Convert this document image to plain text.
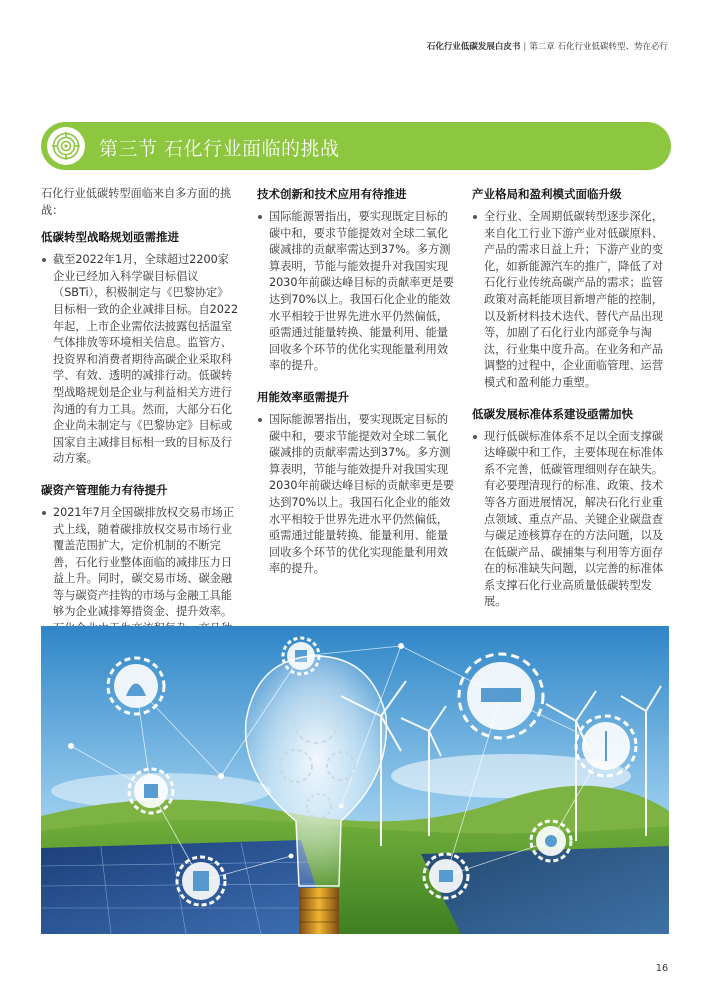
石化行业低碳发展白皮书 | 第二章 石化行业低碳转型、势在必行
第三节 石化行业面临的挑战

石化行业低碳转型面临来自多方面的挑战：

低碳转型战略规划亟需推进

截至2022年1月，全球超过2200家企业已经加入科学碳目标倡议（SBTi），积极制定与《巴黎协定》目标相一致的企业减排目标。自2022年起，上市企业需依法披露包括温室气体排放等环境相关信息。监管方、投资界和消费者期待高碳企业采取科学、有效、透明的减排行动。低碳转型战略规划是企业与利益相关方进行沟通的有力工具。然而，大部分石化企业尚未制定与《巴黎协定》目标或国家自主减排目标相一致的目标及行动方案。

碳资产管理能力有待提升

2021年7月全国碳排放权交易市场正式上线，随着碳排放权交易市场行业覆盖范围扩大，定价机制的不断完善，石化行业整体面临的减排压力日益上升。同时，碳交易市场、碳金融等与碳资产挂钩的市场与金融工具能够为企业减排筹措资金、提升效率。

技术创新和技术应用有待推进

国际能源署指出，要实现既定目标的碳中和，要求节能提效对全球二氧化碳减排的贡献率需达到37%。多方测算表明，节能与能效提升对我国实现2030年前碳达峰目标的贡献率更是要达到70%以上。我国石化企业的能效水平相较于世界先进水平仍然偏低，亟需通过能量转换、能量利用、能量回收多个环节的优化实现能量利用效率的提升。

用能效率亟需提升

国际能源署指出，要实现既定目标的碳中和，要求节能提效对全球二氧化碳减排的贡献率需达到37%。多方测算表明，节能与能效提升对我国实现2030年前碳达峰目标的贡献率更是要达到70%以上。我国石化企业的能效水平相较于世界先进水平仍然偏低，亟需通过能量转换、能量利用、能量回收多个环节的优化实现能量利用效率的提升。

产业格局和盈利模式面临升级

全行业、全周期低碳转型逐步深化，来自化工行业下游产业对低碳原料、产品的需求日益上升；下游产业的变化，如新能源汽车的推广，降低了对石化行业传统高碳产品的需求；监管政策对高耗能项目新增产能的控制，以及新材料技术迭代、替代产品出现等，加剧了石化行业内部竞争与淘汰，行业集中度升高。在业务和产品调整的过程中，企业面临管理、运营模式和盈利能力重塑。

低碳发展标准体系建设亟需加快

现行低碳标准体系不足以全面支撑碳达峰碳中和工作，主要体现在标准体系不完善，低碳管理细则存在缺失。有必要理清现行的标准、政策、技术等各方面进展情况，解决石化行业重点领域、重点产品、关键企业碳盘查与碳足迹核算存在的方法问题，以及在低碳产品、碳捕集与利用等方面存在的标准缺失问题，以完善的标准体系支撑石化行业高质量低碳转型发展。

16
